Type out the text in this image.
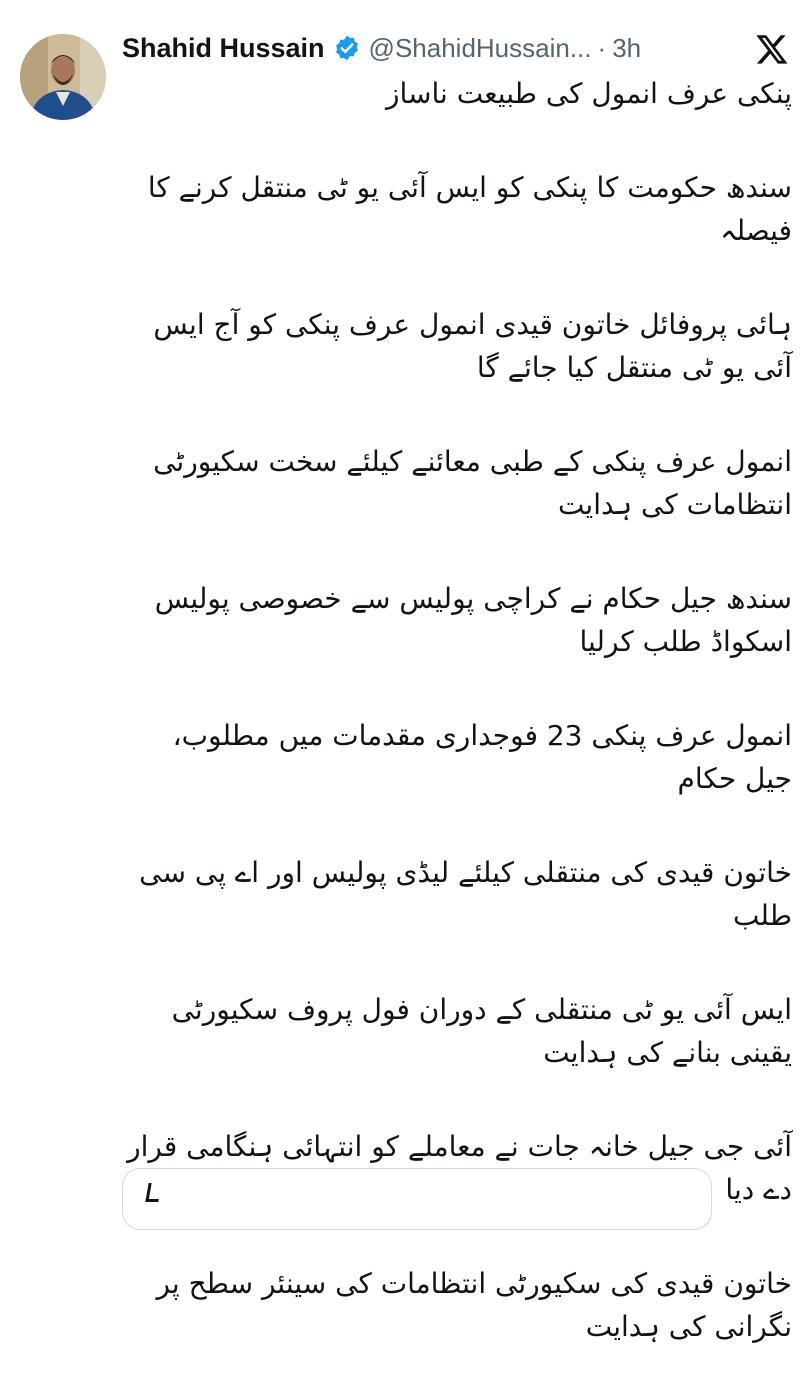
Shahid Hussain @ShahidHussain... · 3h

پنکی عرف انمول کی طبیعت ناساز

سندھ حکومت کا پنکی کو ایس آئی یو ٹی منتقل کرنے کا فیصلہ

ہائی پروفائل خاتون قیدی انمول عرف پنکی کو آج ایس آئی یو ٹی منتقل کیا جائے گا

انمول عرف پنکی کے طبی معائنے کیلئے سخت سکیورٹی انتظامات کی ہدایت

سندھ جیل حکام نے کراچی پولیس سے خصوصی پولیس اسکواڈ طلب کرلیا

انمول عرف پنکی 23 فوجداری مقدمات میں مطلوب، جیل حکام

خاتون قیدی کی منتقلی کیلئے لیڈی پولیس اور اے پی سی طلب

ایس آئی یو ٹی منتقلی کے دوران فول پروف سکیورٹی یقینی بنانے کی ہدایت

آئی جی جیل خانہ جات نے معاملے کو انتہائی ہنگامی قرار دے دیا

خاتون قیدی کی سکیورٹی انتظامات کی سینئر سطح پر نگرانی کی ہدایت
